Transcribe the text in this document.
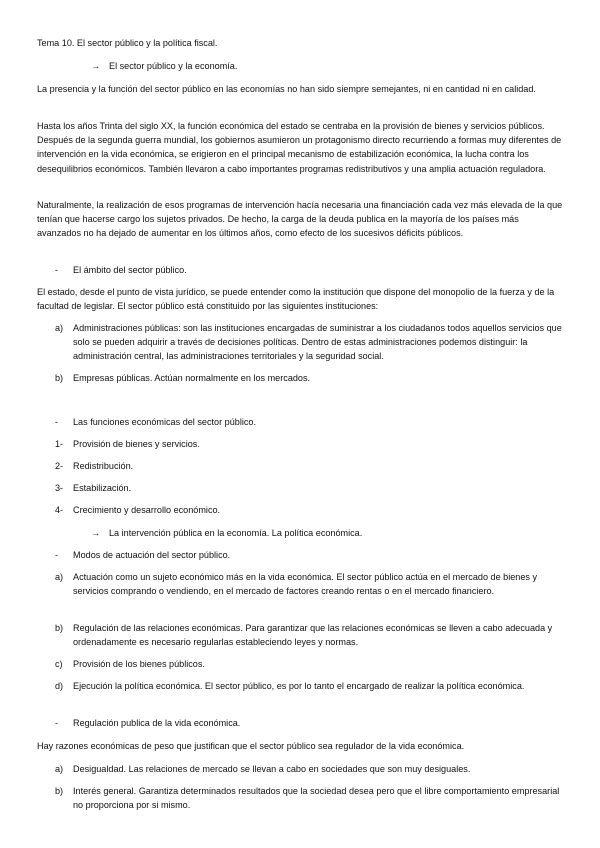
Tema 10. El sector público y la política fiscal.

→ El sector público y la economía.

La presencia y la función del sector público en las economías no han sido siempre semejantes, ni en cantidad ni en calidad.

Hasta los años Trinta del siglo XX, la función económica del estado se centraba en la provisión de bienes y servicios públicos. Después de la segunda guerra mundial, los gobiernos asumieron un protagonismo directo recurriendo a formas muy diferentes de intervención en la vida económica, se erigieron en el principal mecanismo de estabilización económica, la lucha contra los desequilibrios económicos. También llevaron a cabo importantes programas redistributivos y una amplia actuación reguladora.

Naturalmente, la realización de esos programas de intervención hacía necesaria una financiación cada vez más elevada de la que tenían que hacerse cargo los sujetos privados. De hecho, la carga de la deuda publica en la mayoría de los países más avanzados no ha dejado de aumentar en los últimos años, como efecto de los sucesivos déficits públicos.

- El ámbito del sector público.

El estado, desde el punto de vista jurídico, se puede entender como la institución que dispone del monopolio de la fuerza y de la facultad de legislar. El sector público está constituido por las siguientes instituciones:

a) Administraciones públicas: son las instituciones encargadas de suministrar a los ciudadanos todos aquellos servicios que solo se pueden adquirir a través de decisiones políticas. Dentro de estas administraciones podemos distinguir: la administración central, las administraciones territoriales y la seguridad social.
b) Empresas públicas. Actúan normalmente en los mercados.
- Las funciones económicas del sector público.
1- Provisión de bienes y servicios.
2- Redistribución.
3- Estabilización.
4- Crecimiento y desarrollo económico.

→ La intervención pública en la economía. La política económica.

- Modos de actuación del sector público.
a) Actuación como un sujeto económico más en la vida económica. El sector público actúa en el mercado de bienes y servicios comprando o vendiendo, en el mercado de factores creando rentas o en el mercado financiero.
b) Regulación de las relaciones económicas. Para garantizar que las relaciones económicas se lleven a cabo adecuada y ordenadamente es necesario regularlas estableciendo leyes y normas.
c) Provisión de los bienes públicos.
d) Ejecución la política económica. El sector público, es por lo tanto el encargado de realizar la política económica.
- Regulación publica de la vida económica.

Hay razones económicas de peso que justifican que el sector público sea regulador de la vida económica.

a) Desigualdad. Las relaciones de mercado se llevan a cabo en sociedades que son muy desiguales.
b) Interés general. Garantiza determinados resultados que la sociedad desea pero que el libre comportamiento empresarial no proporciona por si mismo.
